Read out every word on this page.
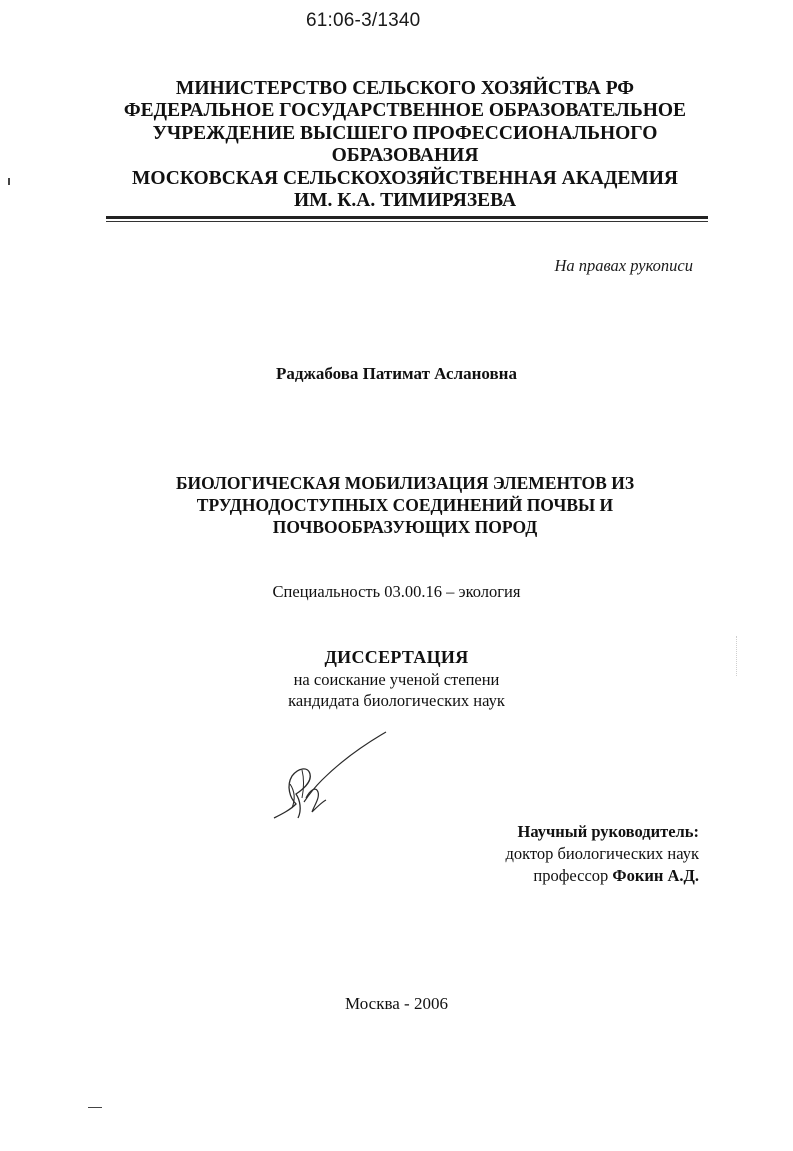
61:06-3/1340
МИНИСТЕРСТВО СЕЛЬСКОГО ХОЗЯЙСТВА РФ
ФЕДЕРАЛЬНОЕ ГОСУДАРСТВЕННОЕ ОБРАЗОВАТЕЛЬНОЕ
УЧРЕЖДЕНИЕ ВЫСШЕГО ПРОФЕССИОНАЛЬНОГО
ОБРАЗОВАНИЯ
МОСКОВСКАЯ СЕЛЬСКОХОЗЯЙСТВЕННАЯ АКАДЕМИЯ
ИМ. К.А. ТИМИРЯЗЕВА
На правах рукописи
Раджабова Патимат Аслановна
БИОЛОГИЧЕСКАЯ МОБИЛИЗАЦИЯ ЭЛЕМЕНТОВ ИЗ
ТРУДНОДОСТУПНЫХ СОЕДИНЕНИЙ ПОЧВЫ И
ПОЧВООБРАЗУЮЩИХ ПОРОД
Специальность 03.00.16 – экология
ДИССЕРТАЦИЯ
на соискание ученой степени
кандидата биологических наук
Научный руководитель:
доктор биологических наук
профессор Фокин А.Д.
Москва - 2006
